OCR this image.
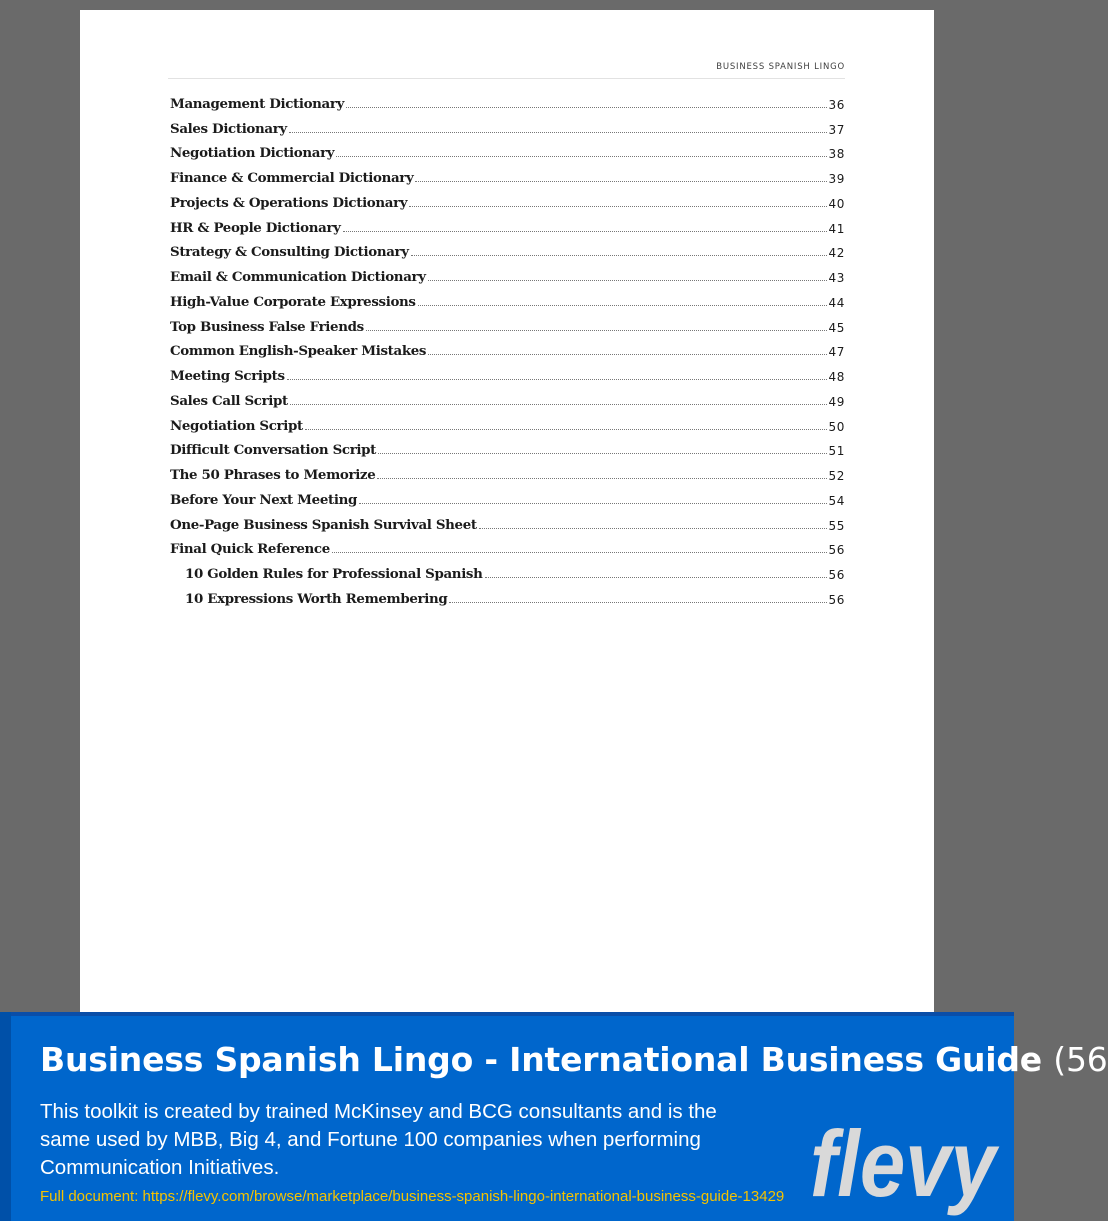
BUSINESS SPANISH LINGO
Management Dictionary	36
Sales Dictionary	37
Negotiation Dictionary	38
Finance & Commercial Dictionary	39
Projects & Operations Dictionary	40
HR & People Dictionary	41
Strategy & Consulting Dictionary	42
Email & Communication Dictionary	43
High-Value Corporate Expressions	44
Top Business False Friends	45
Common English-Speaker Mistakes	47
Meeting Scripts	48
Sales Call Script	49
Negotiation Script	50
Difficult Conversation Script	51
The 50 Phrases to Memorize	52
Before Your Next Meeting	54
One-Page Business Spanish Survival Sheet	55
Final Quick Reference	56
10 Golden Rules for Professional Spanish	56
10 Expressions Worth Remembering	56
Business Spanish Lingo - International Business Guide (56
This toolkit is created by trained McKinsey and BCG consultants and is the same used by MBB, Big 4, and Fortune 100 companies when performing Communication Initiatives.
Full document: https://flevy.com/browse/marketplace/business-spanish-lingo-international-business-guide-13429 flevy
